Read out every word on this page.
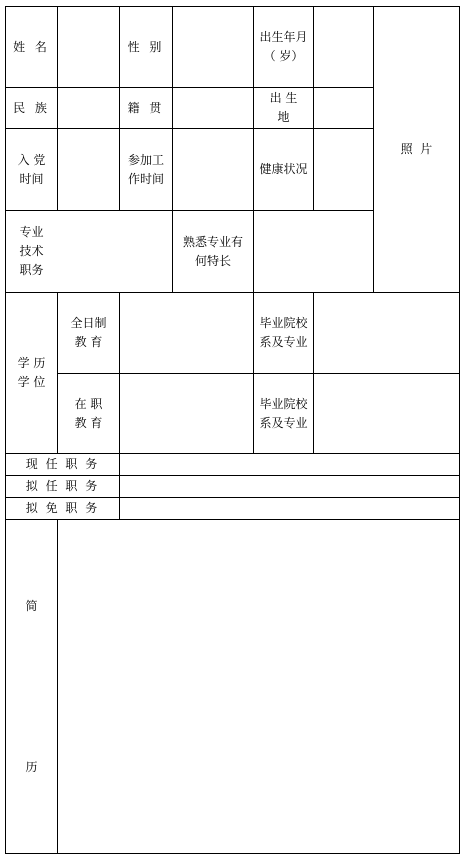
姓 名	性 别
出生年月（ 岁）
照  片
民 族	籍 贯
出 生 地
入 党 时间
参加工作时间
健康状况
专业技术职务
熟悉专业有何特长
学 历 学 位
全日制 教 育
毕业院校系及专业
在 职 教 育
毕业院校系及专业
现 任 职 务
拟 任 职 务
拟 免 职 务
简
历
